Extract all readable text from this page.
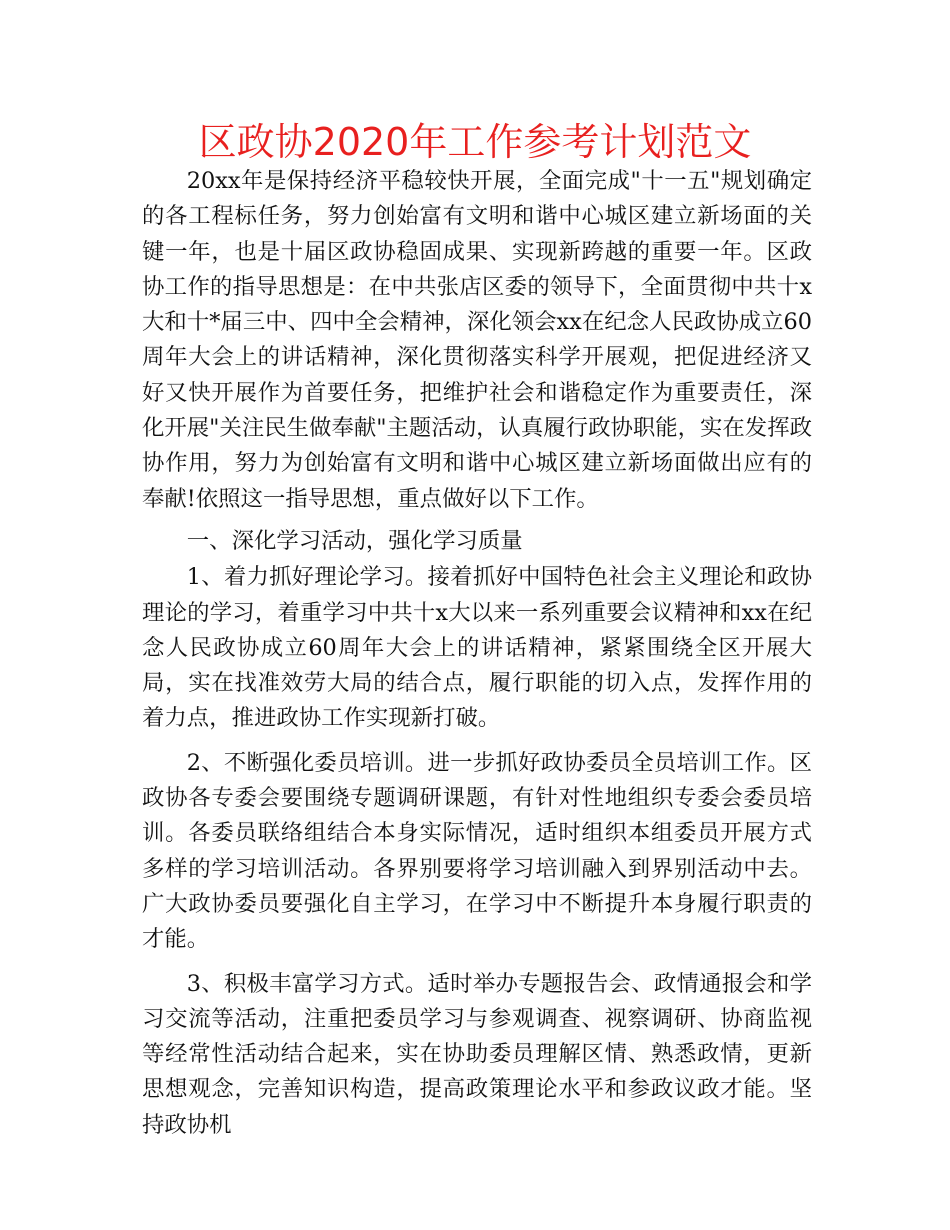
区政协2020年工作参考计划范文

20xx年是保持经济平稳较快开展，全面完成"十一五"规划确定的各工程标任务，努力创始富有文明和谐中心城区建立新场面的关键一年，也是十届区政协稳固成果、实现新跨越的重要一年。区政协工作的指导思想是：在中共张店区委的领导下，全面贯彻中共十x大和十*届三中、四中全会精神，深化领会xx在纪念人民政协成立60周年大会上的讲话精神，深化贯彻落实科学开展观，把促进经济又好又快开展作为首要任务，把维护社会和谐稳定作为重要责任，深化开展"关注民生做奉献"主题活动，认真履行政协职能，实在发挥政协作用，努力为创始富有文明和谐中心城区建立新场面做出应有的奉献!依照这一指导思想，重点做好以下工作。

一、深化学习活动，强化学习质量

1、着力抓好理论学习。接着抓好中国特色社会主义理论和政协理论的学习，着重学习中共十x大以来一系列重要会议精神和xx在纪念人民政协成立60周年大会上的讲话精神，紧紧围绕全区开展大局，实在找准效劳大局的结合点，履行职能的切入点，发挥作用的着力点，推进政协工作实现新打破。

2、不断强化委员培训。进一步抓好政协委员全员培训工作。区政协各专委会要围绕专题调研课题，有针对性地组织专委会委员培训。各委员联络组结合本身实际情况，适时组织本组委员开展方式多样的学习培训活动。各界别要将学习培训融入到界别活动中去。广大政协委员要强化自主学习，在学习中不断提升本身履行职责的才能。

3、积极丰富学习方式。适时举办专题报告会、政情通报会和学习交流等活动，注重把委员学习与参观调查、视察调研、协商监视等经常性活动结合起来，实在协助委员理解区情、熟悉政情，更新思想观念，完善知识构造，提高政策理论水平和参政议政才能。坚持政协机
